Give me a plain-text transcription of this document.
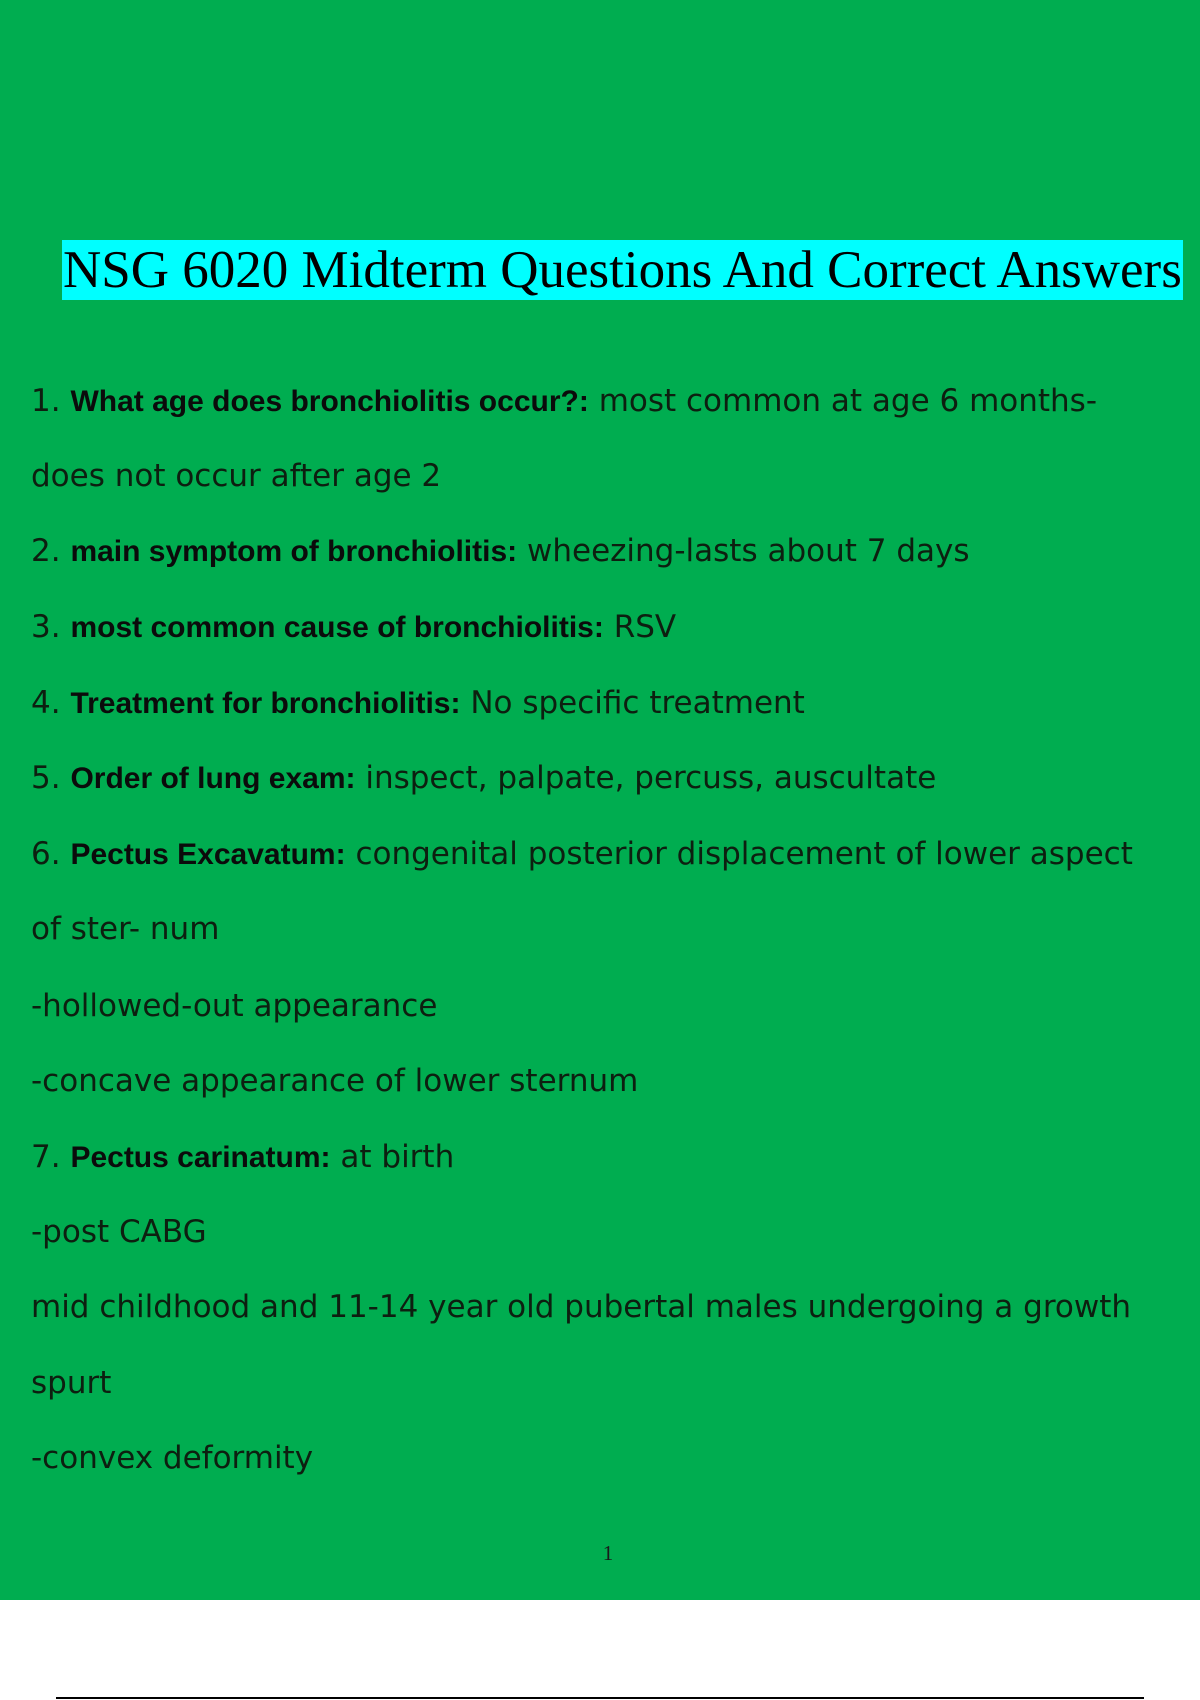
NSG 6020 Midterm Questions And Correct Answers
1. What age does bronchiolitis occur?: most common at age 6 months-
does not occur after age 2
2. main symptom of bronchiolitis: wheezing-lasts about 7 days
3. most common cause of bronchiolitis: RSV
4. Treatment for bronchiolitis: No specific treatment
5. Order of lung exam: inspect, palpate, percuss, auscultate
6. Pectus Excavatum: congenital posterior displacement of lower aspect
of ster- num
-hollowed-out appearance
-concave appearance of lower sternum
7. Pectus carinatum: at birth
-post CABG
mid childhood and 11-14 year old pubertal males undergoing a growth
spurt
-convex deformity
1
